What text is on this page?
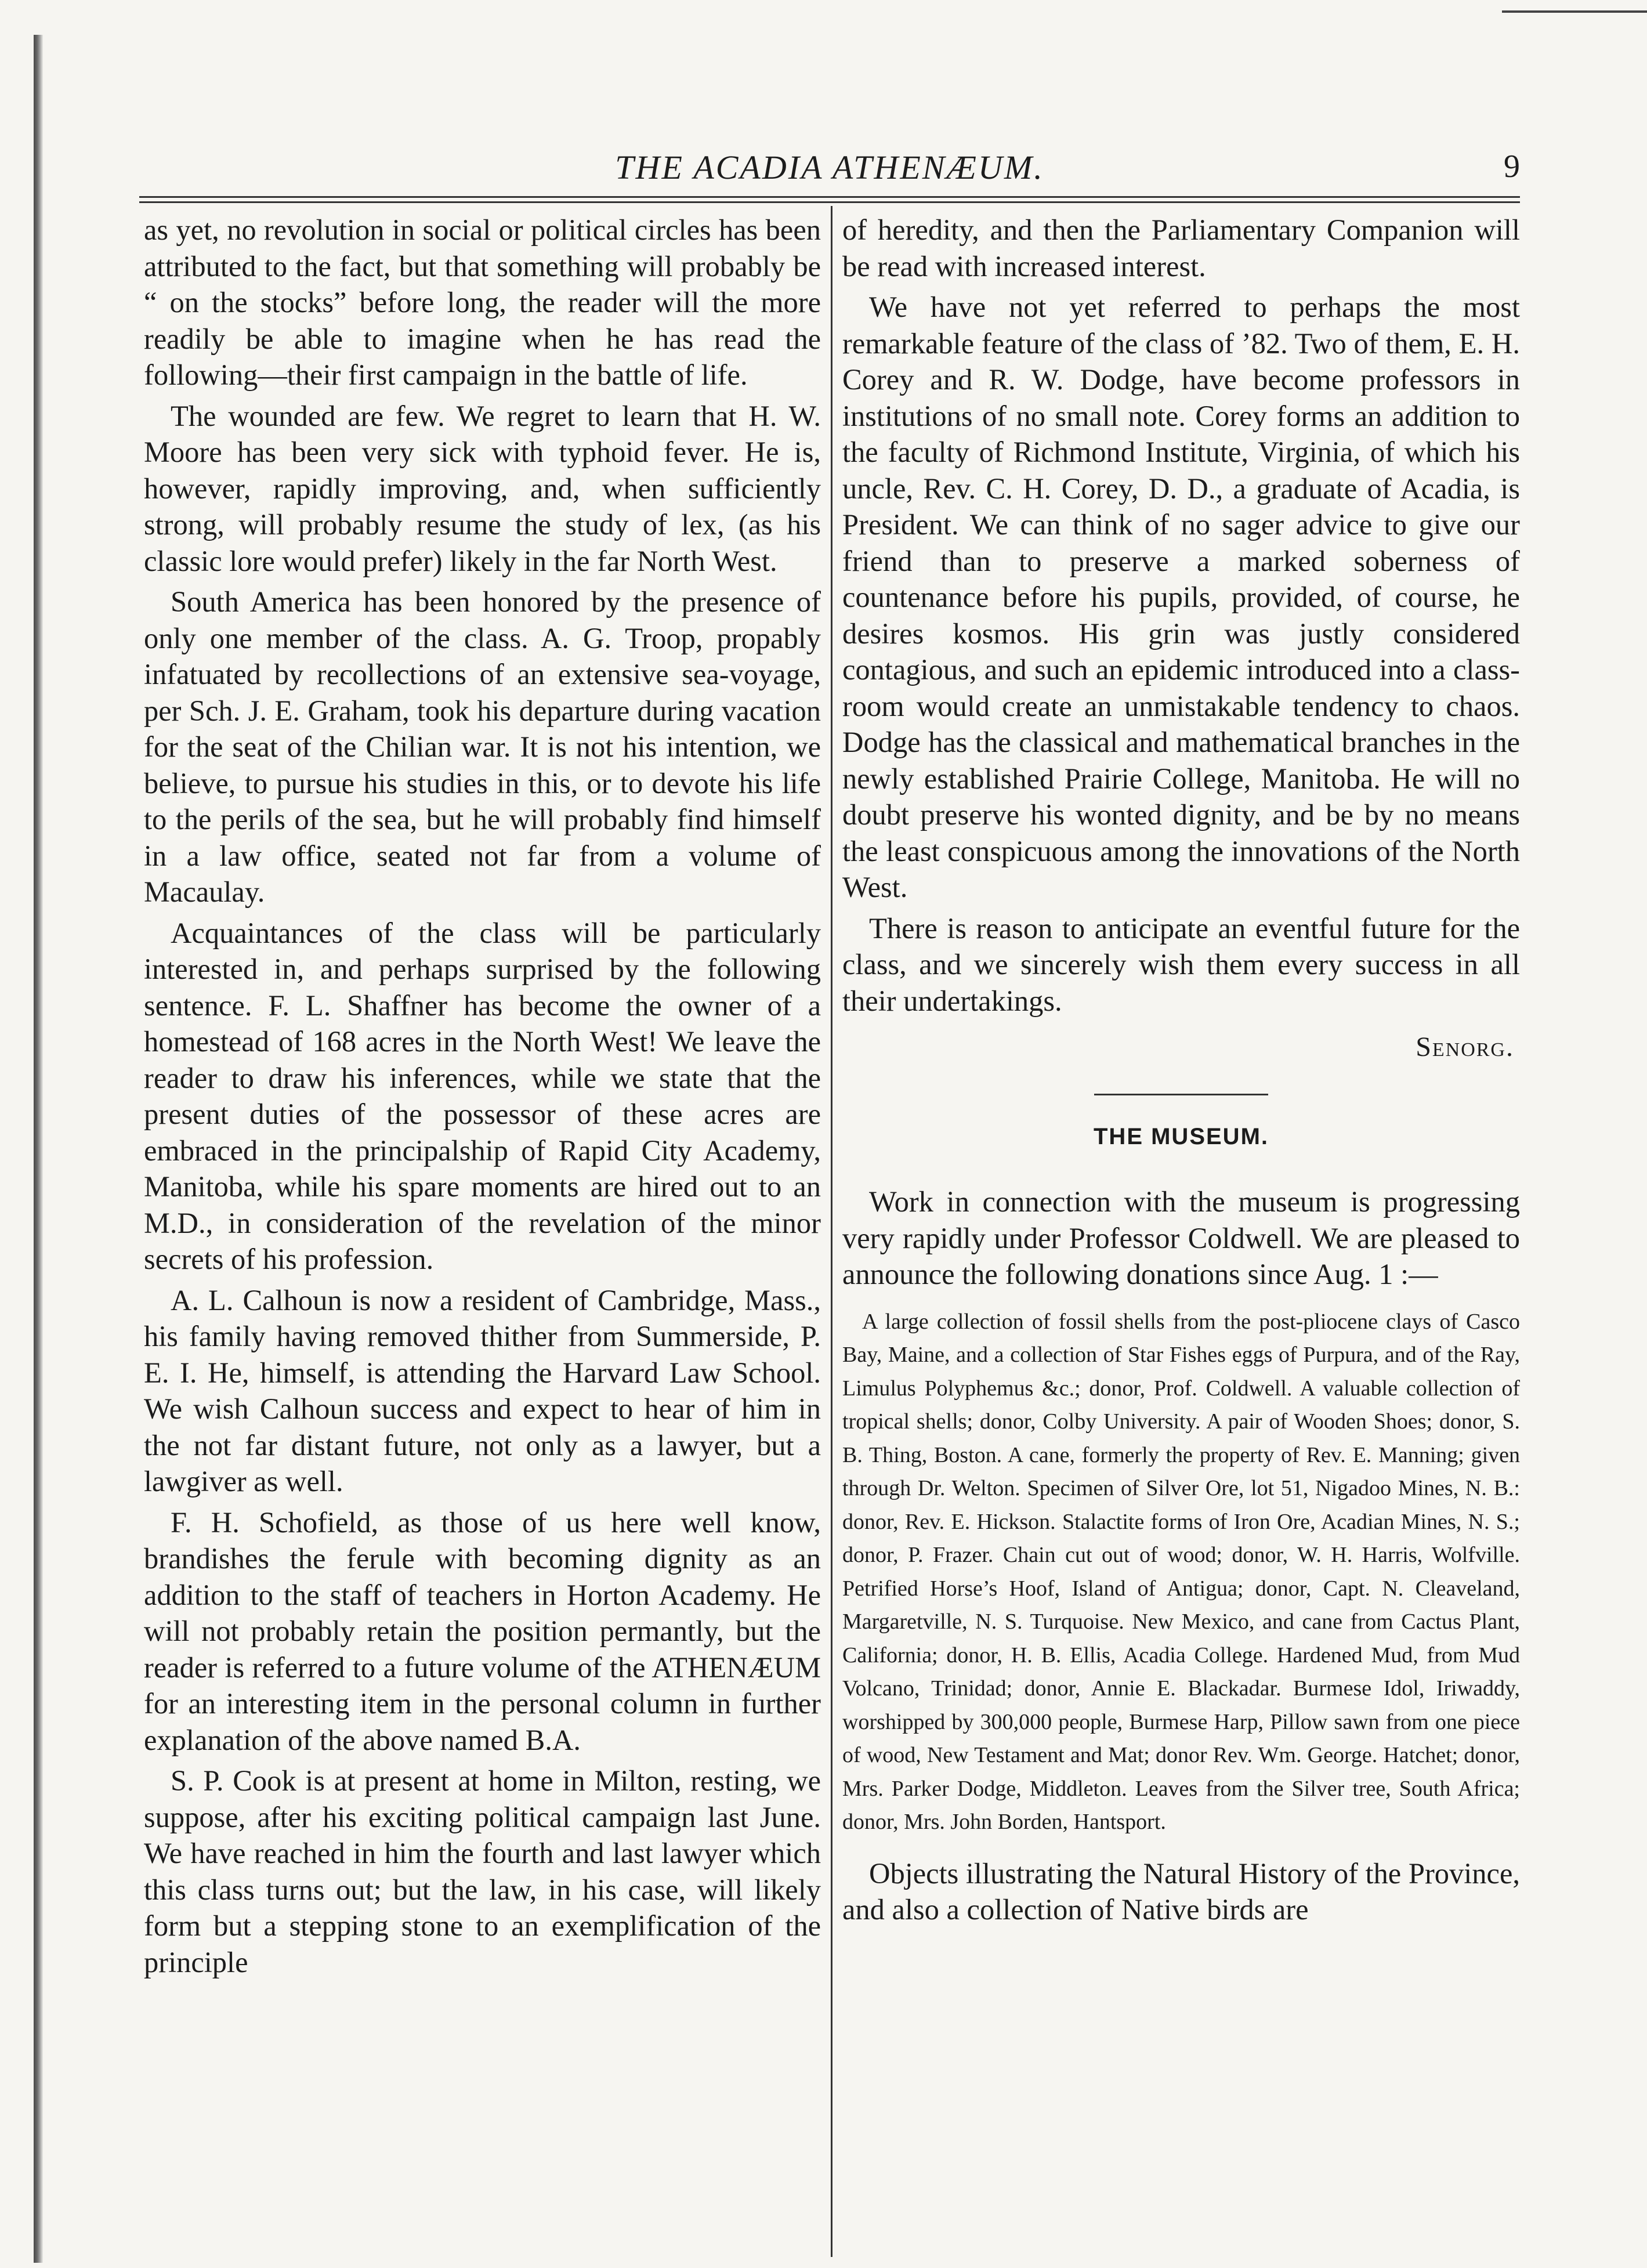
THE ACADIA ATHENÆUM.	9

as yet, no revolution in social or political circles has been attributed to the fact, but that something will probably be “ on the stocks” before long, the reader will the more readily be able to imagine when he has read the following—their first campaign in the battle of life.

The wounded are few. We regret to learn that H. W. Moore has been very sick with typhoid fever. He is, however, rapidly improving, and, when sufficiently strong, will probably resume the study of lex, (as his classic lore would prefer) likely in the far North West.

South America has been honored by the presence of only one member of the class. A. G. Troop, propably infatuated by recollections of an extensive sea-voyage, per Sch. J. E. Graham, took his departure during vacation for the seat of the Chilian war. It is not his intention, we believe, to pursue his studies in this, or to devote his life to the perils of the sea, but he will probably find himself in a law office, seated not far from a volume of Macaulay.

Acquaintances of the class will be particularly interested in, and perhaps surprised by the following sentence. F. L. Shaffner has become the owner of a homestead of 168 acres in the North West! We leave the reader to draw his inferences, while we state that the present duties of the possessor of these acres are embraced in the principalship of Rapid City Academy, Manitoba, while his spare moments are hired out to an M.D., in consideration of the revelation of the minor secrets of his profession.

A. L. Calhoun is now a resident of Cambridge, Mass., his family having removed thither from Summerside, P. E. I. He, himself, is attending the Harvard Law School. We wish Calhoun success and expect to hear of him in the not far distant future, not only as a lawyer, but a lawgiver as well.

F. H. Schofield, as those of us here well know, brandishes the ferule with becoming dignity as an addition to the staff of teachers in Horton Academy. He will not probably retain the position permantly, but the reader is referred to a future volume of the ATHENÆUM for an interesting item in the personal column in further explanation of the above named B.A.

S. P. Cook is at present at home in Milton, resting, we suppose, after his exciting political campaign last June. We have reached in him the fourth and last lawyer which this class turns out; but the law, in his case, will likely form but a stepping stone to an exemplification of the principle

of heredity, and then the Parliamentary Companion will be read with increased interest.

We have not yet referred to perhaps the most remarkable feature of the class of ’82. Two of them, E. H. Corey and R. W. Dodge, have become professors in institutions of no small note. Corey forms an addition to the faculty of Richmond Institute, Virginia, of which his uncle, Rev. C. H. Corey, D. D., a graduate of Acadia, is President. We can think of no sager advice to give our friend than to preserve a marked soberness of countenance before his pupils, provided, of course, he desires kosmos. His grin was justly considered contagious, and such an epidemic introduced into a class-room would create an unmistakable tendency to chaos. Dodge has the classical and mathematical branches in the newly established Prairie College, Manitoba. He will no doubt preserve his wonted dignity, and be by no means the least conspicuous among the innovations of the North West.

There is reason to anticipate an eventful future for the class, and we sincerely wish them every success in all their undertakings.

Senorg.
THE MUSEUM.

Work in connection with the museum is progressing very rapidly under Professor Coldwell. We are pleased to announce the following donations since Aug. 1 :—

A large collection of fossil shells from the post-pliocene clays of Casco Bay, Maine, and a collection of Star Fishes eggs of Purpura, and of the Ray, Limulus Polyphemus &c.; donor, Prof. Coldwell. A valuable collection of tropical shells; donor, Colby University. A pair of Wooden Shoes; donor, S. B. Thing, Boston. A cane, formerly the property of Rev. E. Manning; given through Dr. Welton. Specimen of Silver Ore, lot 51, Nigadoo Mines, N. B.: donor, Rev. E. Hickson. Stalactite forms of Iron Ore, Acadian Mines, N. S.; donor, P. Frazer. Chain cut out of wood; donor, W. H. Harris, Wolfville. Petrified Horse’s Hoof, Island of Antigua; donor, Capt. N. Cleaveland, Margaretville, N. S. Turquoise. New Mexico, and cane from Cactus Plant, California; donor, H. B. Ellis, Acadia College. Hardened Mud, from Mud Volcano, Trinidad; donor, Annie E. Blackadar. Burmese Idol, Iriwaddy, worshipped by 300,000 people, Burmese Harp, Pillow sawn from one piece of wood, New Testament and Mat; donor Rev. Wm. George. Hatchet; donor, Mrs. Parker Dodge, Middleton. Leaves from the Silver tree, South Africa; donor, Mrs. John Borden, Hantsport.

Objects illustrating the Natural History of the Province, and also a collection of Native birds are
